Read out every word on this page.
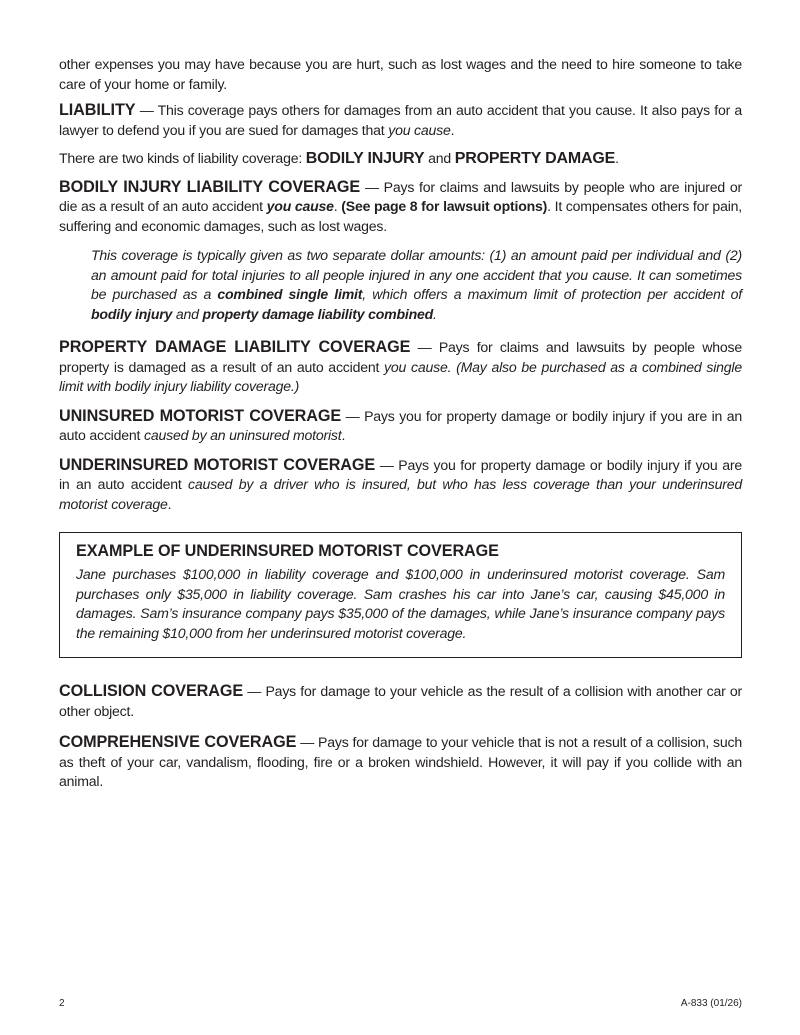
other expenses you may have because you are hurt, such as lost wages and the need to hire someone to take care of your home or family.

LIABILITY — This coverage pays others for damages from an auto accident that you cause. It also pays for a lawyer to defend you if you are sued for damages that you cause.

There are two kinds of liability coverage: BODILY INJURY and PROPERTY DAMAGE.

BODILY INJURY LIABILITY COVERAGE — Pays for claims and lawsuits by people who are injured or die as a result of an auto accident you cause. (See page 8 for lawsuit options). It compensates others for pain, suffering and economic damages, such as lost wages.

This coverage is typically given as two separate dollar amounts: (1) an amount paid per individual and (2) an amount paid for total injuries to all people injured in any one accident that you cause. It can sometimes be purchased as a combined single limit, which offers a maximum limit of protection per accident of bodily injury and property damage liability combined.

PROPERTY DAMAGE LIABILITY COVERAGE — Pays for claims and lawsuits by people whose property is damaged as a result of an auto accident you cause. (May also be purchased as a combined single limit with bodily injury liability coverage.)

UNINSURED MOTORIST COVERAGE — Pays you for property damage or bodily injury if you are in an auto accident caused by an uninsured motorist.

UNDERINSURED MOTORIST COVERAGE — Pays you for property damage or bodily injury if you are in an auto accident caused by a driver who is insured, but who has less coverage than your underinsured motorist coverage.

EXAMPLE OF UNDERINSURED MOTORIST COVERAGE

Jane purchases $100,000 in liability coverage and $100,000 in underinsured motorist coverage. Sam purchases only $35,000 in liability coverage. Sam crashes his car into Jane’s car, causing $45,000 in damages. Sam’s insurance company pays $35,000 of the damages, while Jane’s insurance company pays the remaining $10,000 from her underinsured motorist coverage.

COLLISION COVERAGE — Pays for damage to your vehicle as the result of a collision with another car or other object.

COMPREHENSIVE COVERAGE — Pays for damage to your vehicle that is not a result of a collision, such as theft of your car, vandalism, flooding, fire or a broken windshield. However, it will pay if you collide with an animal.

2	A-833 (01/26)
